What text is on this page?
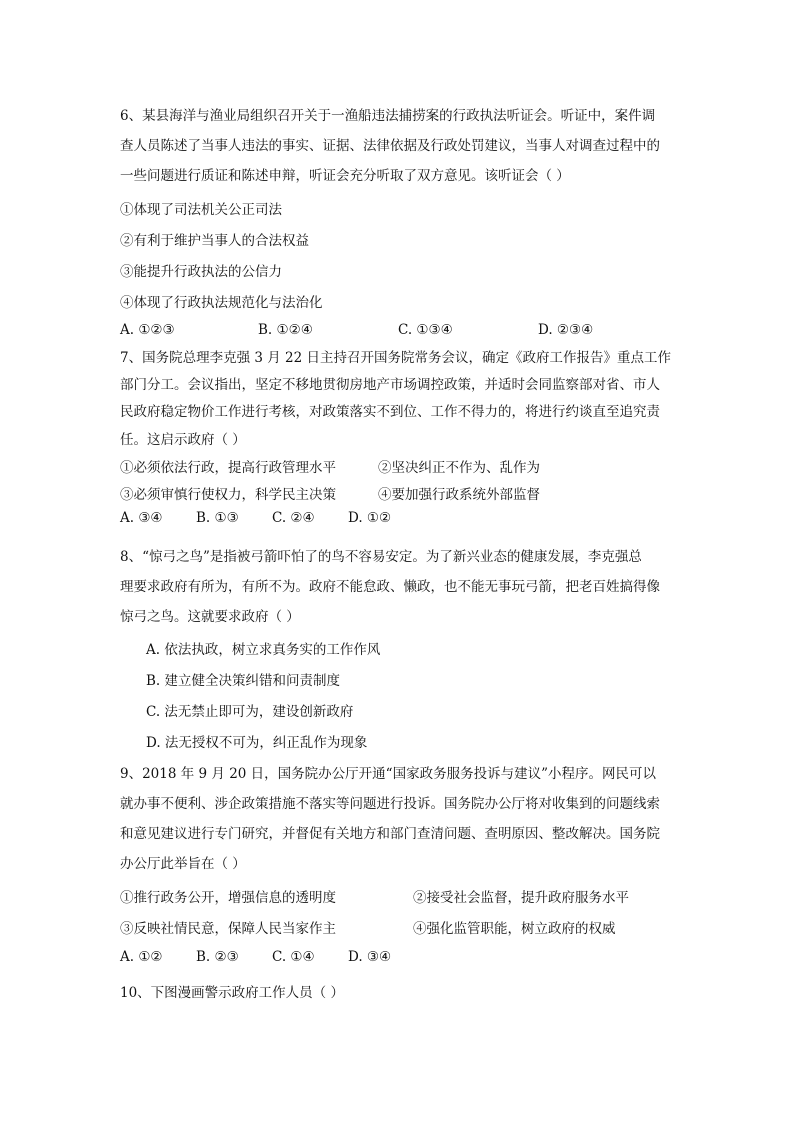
6、某县海洋与渔业局组织召开关于一渔船违法捕捞案的行政执法听证会。听证中，案件调
查人员陈述了当事人违法的事实、证据、法律依据及行政处罚建议，当事人对调查过程中的
一些问题进行质证和陈述申辩，听证会充分听取了双方意见。该听证会（ ）
①体现了司法机关公正司法
②有利于维护当事人的合法权益
③能提升行政执法的公信力
④体现了行政执法规范化与法治化
A. ①②③	B. ①②④	C. ①③④	D. ②③④
7、国务院总理李克强 3 月 22 日主持召开国务院常务会议，确定《政府工作报告》重点工作
部门分工。会议指出，坚定不移地贯彻房地产市场调控政策，并适时会同监察部对省、市人
民政府稳定物价工作进行考核，对政策落实不到位、工作不得力的，将进行约谈直至追究责
任。这启示政府（ ）
①必须依法行政，提高行政管理水平	②坚决纠正不作为、乱作为
③必须审慎行使权力，科学民主决策	④要加强行政系统外部监督
A. ③④ B. ①③ C. ②④ D. ①②
8、“惊弓之鸟”是指被弓箭吓怕了的鸟不容易安定。为了新兴业态的健康发展，李克强总
理要求政府有所为，有所不为。政府不能怠政、懒政，也不能无事玩弓箭，把老百姓搞得像
惊弓之鸟。这就要求政府（ ）
A. 依法执政，树立求真务实的工作作风
B. 建立健全决策纠错和问责制度
C. 法无禁止即可为，建设创新政府
D. 法无授权不可为，纠正乱作为现象
9、2018 年 9 月 20 日，国务院办公厅开通“国家政务服务投诉与建议”小程序。网民可以
就办事不便利、涉企政策措施不落实等问题进行投诉。国务院办公厅将对收集到的问题线索
和意见建议进行专门研究，并督促有关地方和部门查清问题、查明原因、整改解决。国务院
办公厅此举旨在（ ）
①推行政务公开，增强信息的透明度	②接受社会监督，提升政府服务水平
③反映社情民意，保障人民当家作主	④强化监管职能，树立政府的权威
A. ①② B. ②③ C. ①④ D. ③④
10、下图漫画警示政府工作人员（ ）
